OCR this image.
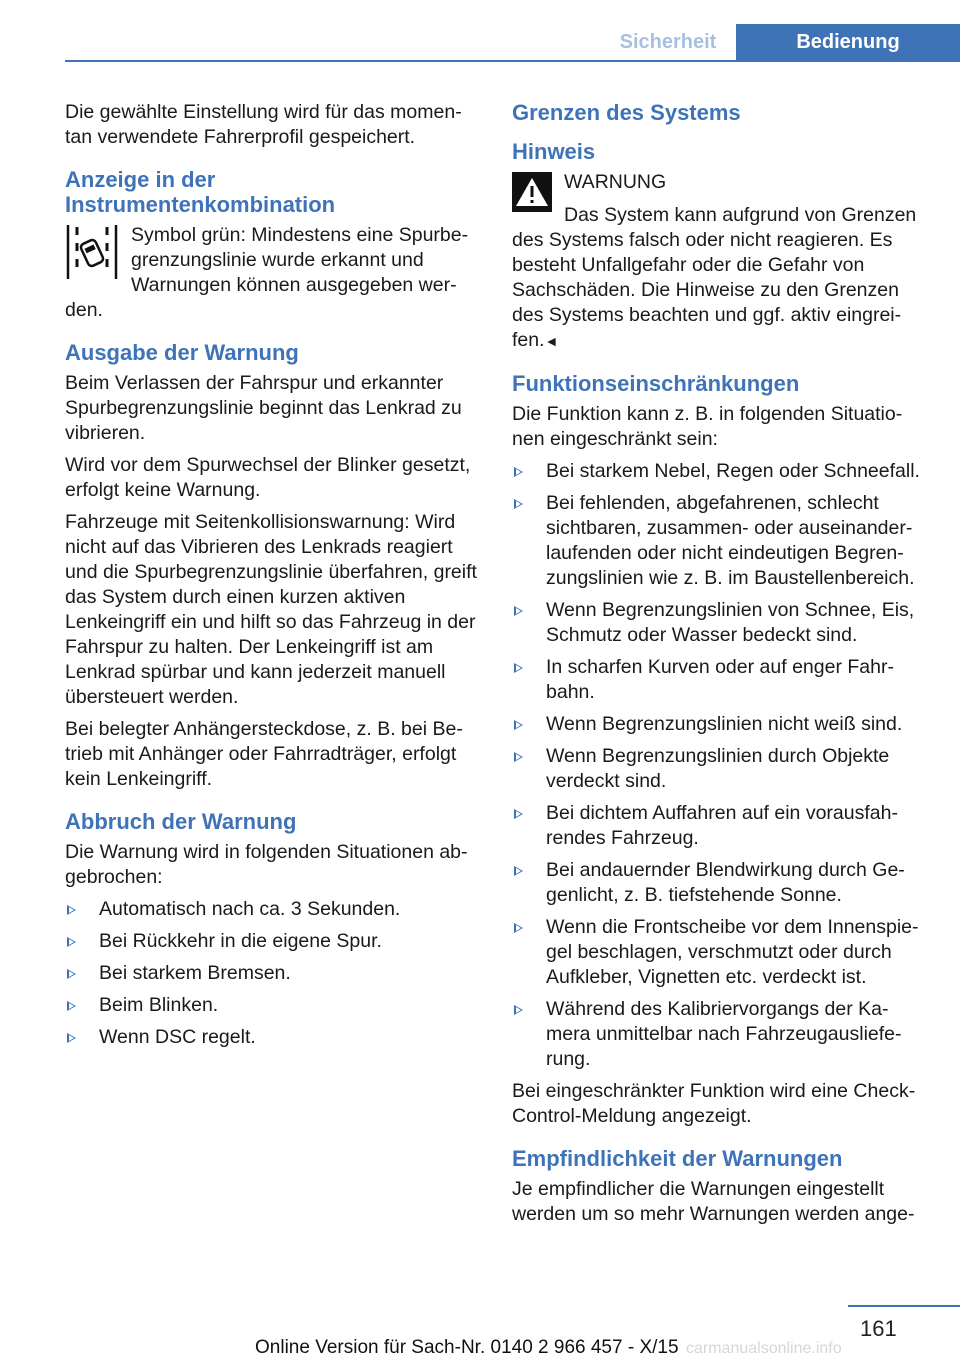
Sicherheit	Bedienung

Die gewählte Einstellung wird für das momen‐tan verwendete Fahrerprofil gespeichert.

Anzeige in der Instrumentenkombination
Symbol grün: Mindestens eine Spurbe‐grenzungslinie wurde erkannt und Warnungen können ausgegeben wer‐den.
Ausgabe der Warnung

Beim Verlassen der Fahrspur und erkannter Spurbegrenzungslinie beginnt das Lenkrad zu vibrieren.

Wird vor dem Spurwechsel der Blinker gesetzt, erfolgt keine Warnung.

Fahrzeuge mit Seitenkollisionswarnung: Wird nicht auf das Vibrieren des Lenkrads reagiert und die Spurbegrenzungslinie überfahren, greift das System durch einen kurzen aktiven Lenkeingriff ein und hilft so das Fahrzeug in der Fahrspur zu halten. Der Lenkeingriff ist am Lenkrad spürbar und kann jederzeit manuell übersteuert werden.

Bei belegter Anhängersteckdose, z. B. bei Be‐trieb mit Anhänger oder Fahrradträger, erfolgt kein Lenkeingriff.

Abbruch der Warnung

Die Warnung wird in folgenden Situationen ab‐gebrochen:

Automatisch nach ca. 3 Sekunden.
Bei Rückkehr in die eigene Spur.
Bei starkem Bremsen.
Beim Blinken.
Wenn DSC regelt.
Grenzen des Systems
Hinweis
WARNUNG
Das System kann aufgrund von Grenzen des Systems falsch oder nicht reagieren. Es besteht Unfallgefahr oder die Gefahr von Sachschäden. Die Hinweise zu den Grenzen des Systems beachten und ggf. aktiv eingrei‐fen.◄
Funktionseinschränkungen

Die Funktion kann z. B. in folgenden Situatio‐nen eingeschränkt sein:

Bei starkem Nebel, Regen oder Schneefall.
Bei fehlenden, abgefahrenen, schlecht sichtbaren, zusammen- oder auseinander‐laufenden oder nicht eindeutigen Begren‐zungslinien wie z. B. im Baustellenbereich.
Wenn Begrenzungslinien von Schnee, Eis, Schmutz oder Wasser bedeckt sind.
In scharfen Kurven oder auf enger Fahr‐bahn.
Wenn Begrenzungslinien nicht weiß sind.
Wenn Begrenzungslinien durch Objekte verdeckt sind.
Bei dichtem Auffahren auf ein vorausfah‐rendes Fahrzeug.
Bei andauernder Blendwirkung durch Ge‐genlicht, z. B. tiefstehende Sonne.
Wenn die Frontscheibe vor dem Innenspie‐gel beschlagen, verschmutzt oder durch Aufkleber, Vignetten etc. verdeckt ist.
Während des Kalibriervorgangs der Ka‐mera unmittelbar nach Fahrzeugausliefe‐rung.

Bei eingeschränkter Funktion wird eine Check-Control-Meldung angezeigt.

Empfindlichkeit der Warnungen

Je empfindlicher die Warnungen eingestellt werden um so mehr Warnungen werden ange‐

161
Online Version für Sach-Nr. 0140 2 966 457 - X/15 carmanualsonline.info
